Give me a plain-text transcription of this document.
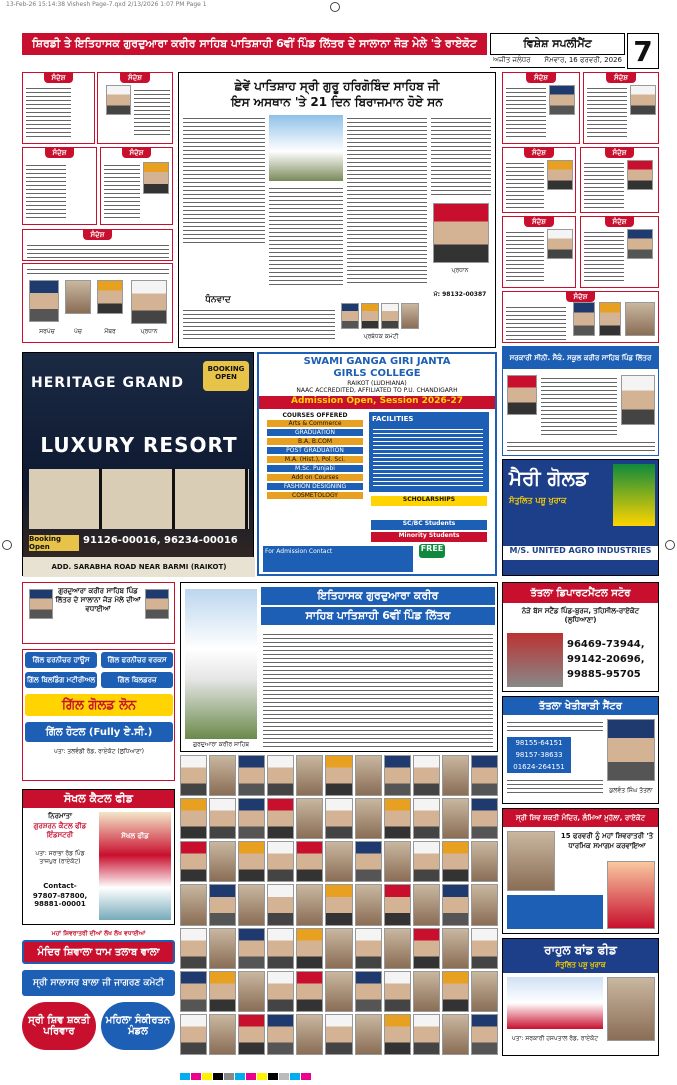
13-Feb-26 15:14:38 Vishesh Page-7.qxd 2/13/2026 1:07 PM Page 1
ਸ਼ਿਰਡੀ ਤੇ ਇਤਿਹਾਸਕ ਗੁਰਦੁਆਰਾ ਕਰੀਰ ਸਾਹਿਬ ਪਾਤਿਸ਼ਾਹੀ 6ਵੀਂ ਪਿੰਡ ਲਿੱਤਰ ਦੇ ਸਾਲਾਨਾ ਜੋੜ ਮੇਲੇ 'ਤੇ ਰਾਏਕੋਟ	ਵਿਸ਼ੇਸ਼ ਸਪਲੀਮੈਂਟ	7
ਅਜੀਤ ਜਲੰਧਰ ਸੋਮਵਾਰ, 16 ਫਰਵਰੀ, 2026
ਸੰਦੇਸ਼	ਸੰਦੇਸ਼
ਸੰਦੇਸ਼	ਸੰਦੇਸ਼
ਸੰਦੇਸ਼
ਸਰਪੰਚ	ਪੰਚ	ਮੈਂਬਰ	ਪ੍ਰਧਾਨ
ਛੇਵੇਂ ਪਾਤਿਸ਼ਾਹ ਸ੍ਰੀ ਗੁਰੂ ਹਰਿਗੋਬਿੰਦ ਸਾਹਿਬ ਜੀ
ਇਸ ਅਸਥਾਨ 'ਤੇ 21 ਦਿਨ ਬਿਰਾਜਮਾਨ ਹੋਏ ਸਨ
ਪ੍ਰਧਾਨ
ਮੋ: 98132-00387
ਧੰਨਵਾਦ
ਪ੍ਰਬੰਧਕ ਕਮੇਟੀ
ਸੰਦੇਸ਼	ਸੰਦੇਸ਼
ਸੰਦੇਸ਼	ਸੰਦੇਸ਼
ਸੰਦੇਸ਼	ਸੰਦੇਸ਼
ਸੰਦੇਸ਼
HERITAGE GRAND
BOOKING OPEN
LUXURY RESORT
Booking Open
91126-00016, 96234-00016
ADD. SARABHA ROAD NEAR BARMI (RAIKOT)
SWAMI GANGA GIRI JANTA
GIRLS COLLEGE
RAIKOT (LUDHIANA)
NAAC ACCREDITED, AFFILIATED TO P.U. CHANDIGARH
Admission Open, Session 2026-27
COURSES OFFERED
Arts & Commerce
GRADUATION
B.A, B.COM
POST GRADUATION
M.A. (Hist.), Pol. Sci.
M.Sc. Punjabi
Add on Courses
FASHION DESIGNING
COSMETOLOGY
FACILITIES
SCHOLARSHIPS
SC/BC Students
Minority Students
FREE
For Admission Contact
ਸਰਕਾਰੀ ਸੀਨੀ. ਸੈਕੰ. ਸਕੂਲ ਕਰੀਰ ਸਾਹਿਬ ਪਿੰਡ ਲਿੱਤਰ
ਮੈਰੀ ਗੋਲਡ
ਸੰਤੁਲਿਤ ਪਸ਼ੂ ਖੁਰਾਕ
M/S. UNITED AGRO INDUSTRIES
ਗੁਰਦੁਆਰਾ ਕਰੀਰ ਸਾਹਿਬ ਪਿੰਡ ਲਿੱਤਰ ਦੇ ਸਾਲਾਨਾ ਜੋੜ ਮੇਲੇ ਦੀਆਂ ਵਧਾਈਆਂ
ਗਿੱਲ ਫਰਨੀਚਰ ਹਾਊਸ	ਗਿੱਲ ਫਰਨੀਚਰ ਵਰਕਸ
ਗਿੱਲ ਬਿਲਡਿੰਗ ਮਟੀਰੀਅਲ	ਗਿੱਲ ਬਿਲਡਰਜ਼
ਗਿੱਲ ਗੋਲਡ ਲੋਨ
ਗਿੱਲ ਹੋਟਲ (Fully ਏ.ਸੀ.)
ਪਤਾ: ਤਲਵੰਡੀ ਰੋਡ, ਰਾਏਕੋਟ (ਲੁਧਿਆਣਾ)
ਸੋਖਲ ਕੈਟਲ ਫੀਡ
ਨਿਰਮਾਤਾ
ਗੁਰਸ਼ਰਨ ਕੈਟਲ ਫੀਡ ਇੰਡਸਟਰੀ
ਪਤਾ: ਸਰਾਭਾ ਰੋਡ ਪਿੰਡ ਤਾਜਪੁਰ (ਰਾਏਕੋਟ)
Contact-
97807-87800, 98881-00001
ਸੋਖਲ ਫੀਡ
ਮਹਾਂ ਸ਼ਿਵਰਾਤਰੀ ਦੀਆਂ ਲੱਖ ਲੱਖ ਵਧਾਈਆਂ
ਮੰਦਿਰ ਸ਼ਿਵਾਲਾ ਧਾਮ ਤਲਾਬ ਵਾਲਾ
ਸ੍ਰੀ ਸਾਲਾਸਰ ਬਾਲਾ ਜੀ ਜਾਗਰਣ ਕਮੇਟੀ
ਸ੍ਰੀ ਸ਼ਿਵ ਸ਼ਕਤੀ ਪਰਿਵਾਰ
ਮਹਿਲਾ ਸੰਕੀਰਤਨ ਮੰਡਲ
ਇਤਿਹਾਸਕ ਗੁਰਦੁਆਰਾ ਕਰੀਰ
ਸਾਹਿਬ ਪਾਤਿਸ਼ਾਹੀ 6ਵੀਂ ਪਿੰਡ ਲਿੱਤਰ
ਗੁਰਦੁਆਰਾ ਕਰੀਰ ਸਾਹਿਬ
ਤੱਤਲਾ ਡਿਪਾਰਟਮੈਂਟਲ ਸਟੋਰ
ਨੇੜੇ ਬੱਸ ਸਟੈਂਡ ਪਿੰਡ-ਬੁਰਜ, ਤਹਿਸੀਲ-ਰਾਏਕੋਟ (ਲੁਧਿਆਣਾ)
96469-73944,
99142-20696,
99885-95705
ਤੱਤਲਾ ਖੇਤੀਬਾੜੀ ਸੈਂਟਰ
98155-64151
98157-38633
01624-264151
ਕੁਲਵੰਤ ਸਿੰਘ ਤੱਤਲਾ
ਸ੍ਰੀ ਸ਼ਿਵ ਸ਼ਕਤੀ ਮੰਦਿਰ, ਲੰਮਿਆਂ ਮੁਹੱਲਾ, ਰਾਏਕੋਟ
15 ਫਰਵਰੀ ਨੂੰ ਮਹਾਂ ਸ਼ਿਵਰਾਤਰੀ 'ਤੇ ਧਾਰਮਿਕ ਸਮਾਗਮ ਕਰਵਾਇਆ
ਰਾਹੁਲ ਬਾਂਡ ਫੀਡ
ਸੰਤੁਲਿਤ ਪਸ਼ੂ ਖੁਰਾਕ
ਪਤਾ: ਸਰਕਾਰੀ ਹਸਪਤਾਲ ਰੋਡ, ਰਾਏਕੋਟ
